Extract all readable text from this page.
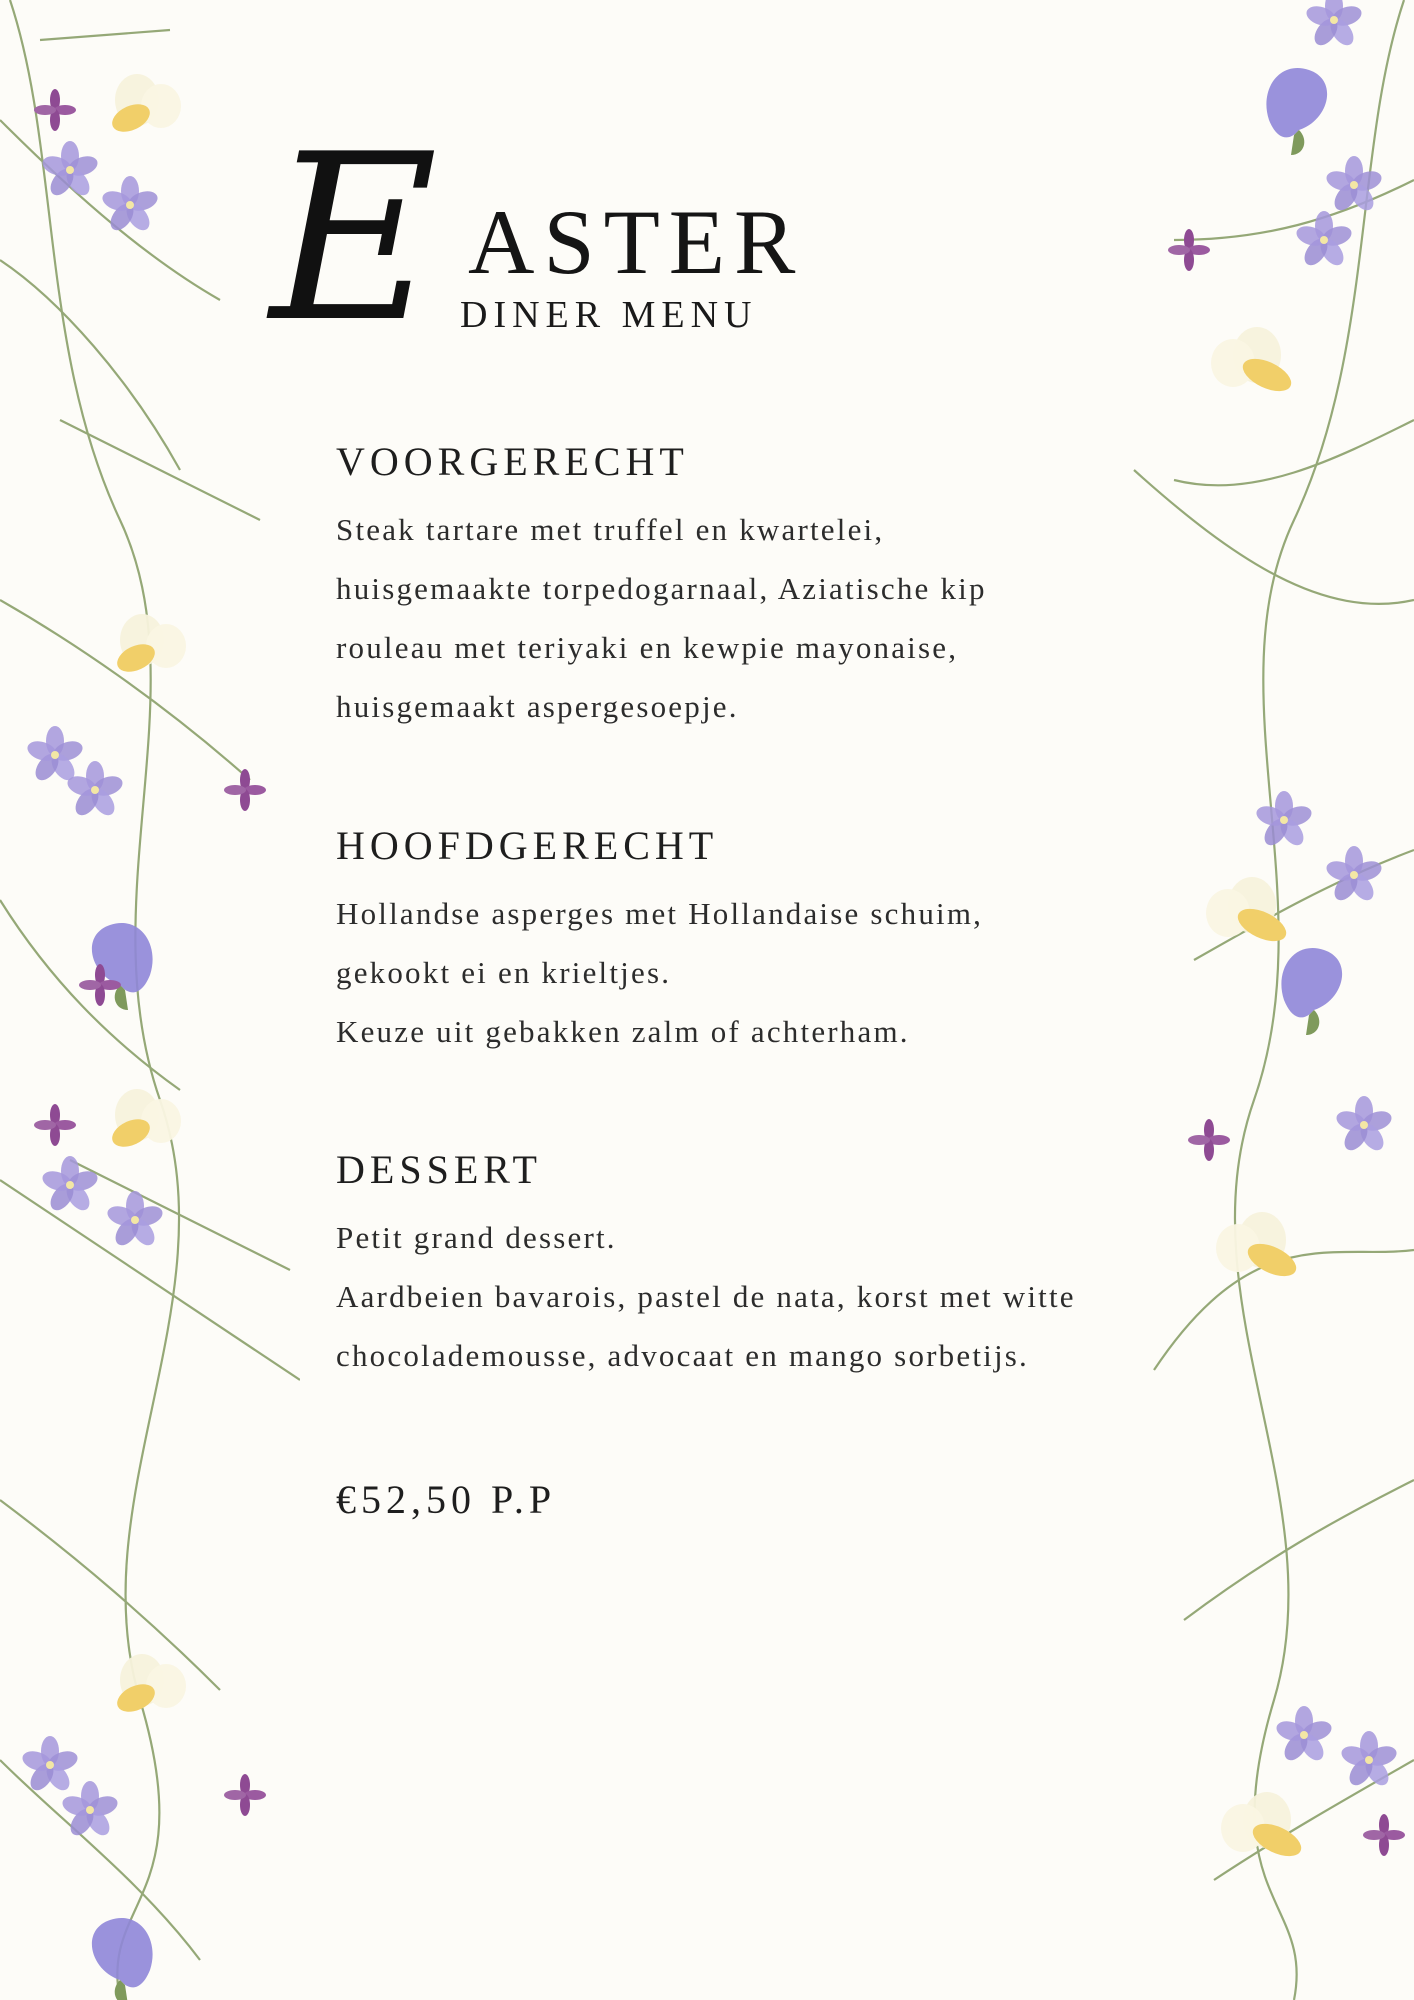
E ASTER
DINER MENU
VOORGERECHT

Steak tartare met truffel en kwartelei,

huisgemaakte torpedogarnaal, Aziatische kip

rouleau met teriyaki en kewpie mayonaise,

huisgemaakt aspergesoepje.

HOOFDGERECHT

Hollandse asperges met Hollandaise schuim,

gekookt ei en krieltjes.

Keuze uit gebakken zalm of achterham.

DESSERT

Petit grand dessert.

Aardbeien bavarois, pastel de nata, korst met witte

chocolademousse, advocaat en mango sorbetijs.

€52,50 P.P
